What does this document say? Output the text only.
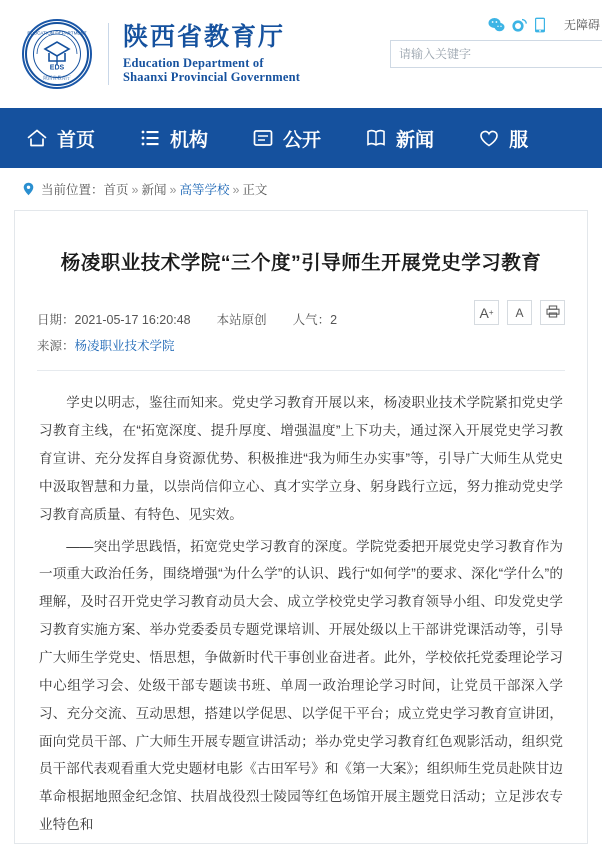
EDUCATION DEPARTMENT
陕西省教育厅
EDS
陕西省教育厅
Education Department of
Shaanxi Provincial Government
无障碍
请输入关键字
首页	机构	公开	新闻	服
当前位置：首页 » 新闻 » 高等学校 » 正文
杨凌职业技术学院“三个度”引导师生开展党史学习教育
日期：2021-05-17 16:20:48 本站原创 人气：2	A + A
来源：杨凌职业技术学院

学史以明志，鉴往而知来。党史学习教育开展以来，杨凌职业技术学院紧扣党史学习教育主线，在“拓宽深度、提升厚度、增强温度”上下功夫，通过深入开展党史学习教育宣讲、充分发挥自身资源优势、积极推进“我为师生办实事”等，引导广大师生从党史中汲取智慧和力量，以崇尚信仰立心、真才实学立身、躬身践行立远，努力推动党史学习教育高质量、有特色、见实效。

——突出学思践悟，拓宽党史学习教育的深度。学院党委把开展党史学习教育作为一项重大政治任务，围绕增强“为什么学”的认识、践行“如何学”的要求、深化“学什么”的理解，及时召开党史学习教育动员大会、成立学校党史学习教育领导小组、印发党史学习教育实施方案、举办党委委员专题党课培训、开展处级以上干部讲党课活动等，引导广大师生学党史、悟思想，争做新时代干事创业奋进者。此外，学校依托党委理论学习中心组学习会、处级干部专题读书班、单周一政治理论学习时间，让党员干部深入学习、充分交流、互动思想，搭建以学促思、以学促干平台；成立党史学习教育宣讲团，面向党员干部、广大师生开展专题宣讲活动；举办党史学习教育红色观影活动，组织党员干部代表观看重大党史题材电影《古田军号》和《第一大案》；组织师生党员赴陕甘边革命根据地照金纪念馆、扶眉战役烈士陵园等红色场馆开展主题党日活动；立足涉农专业特色和
